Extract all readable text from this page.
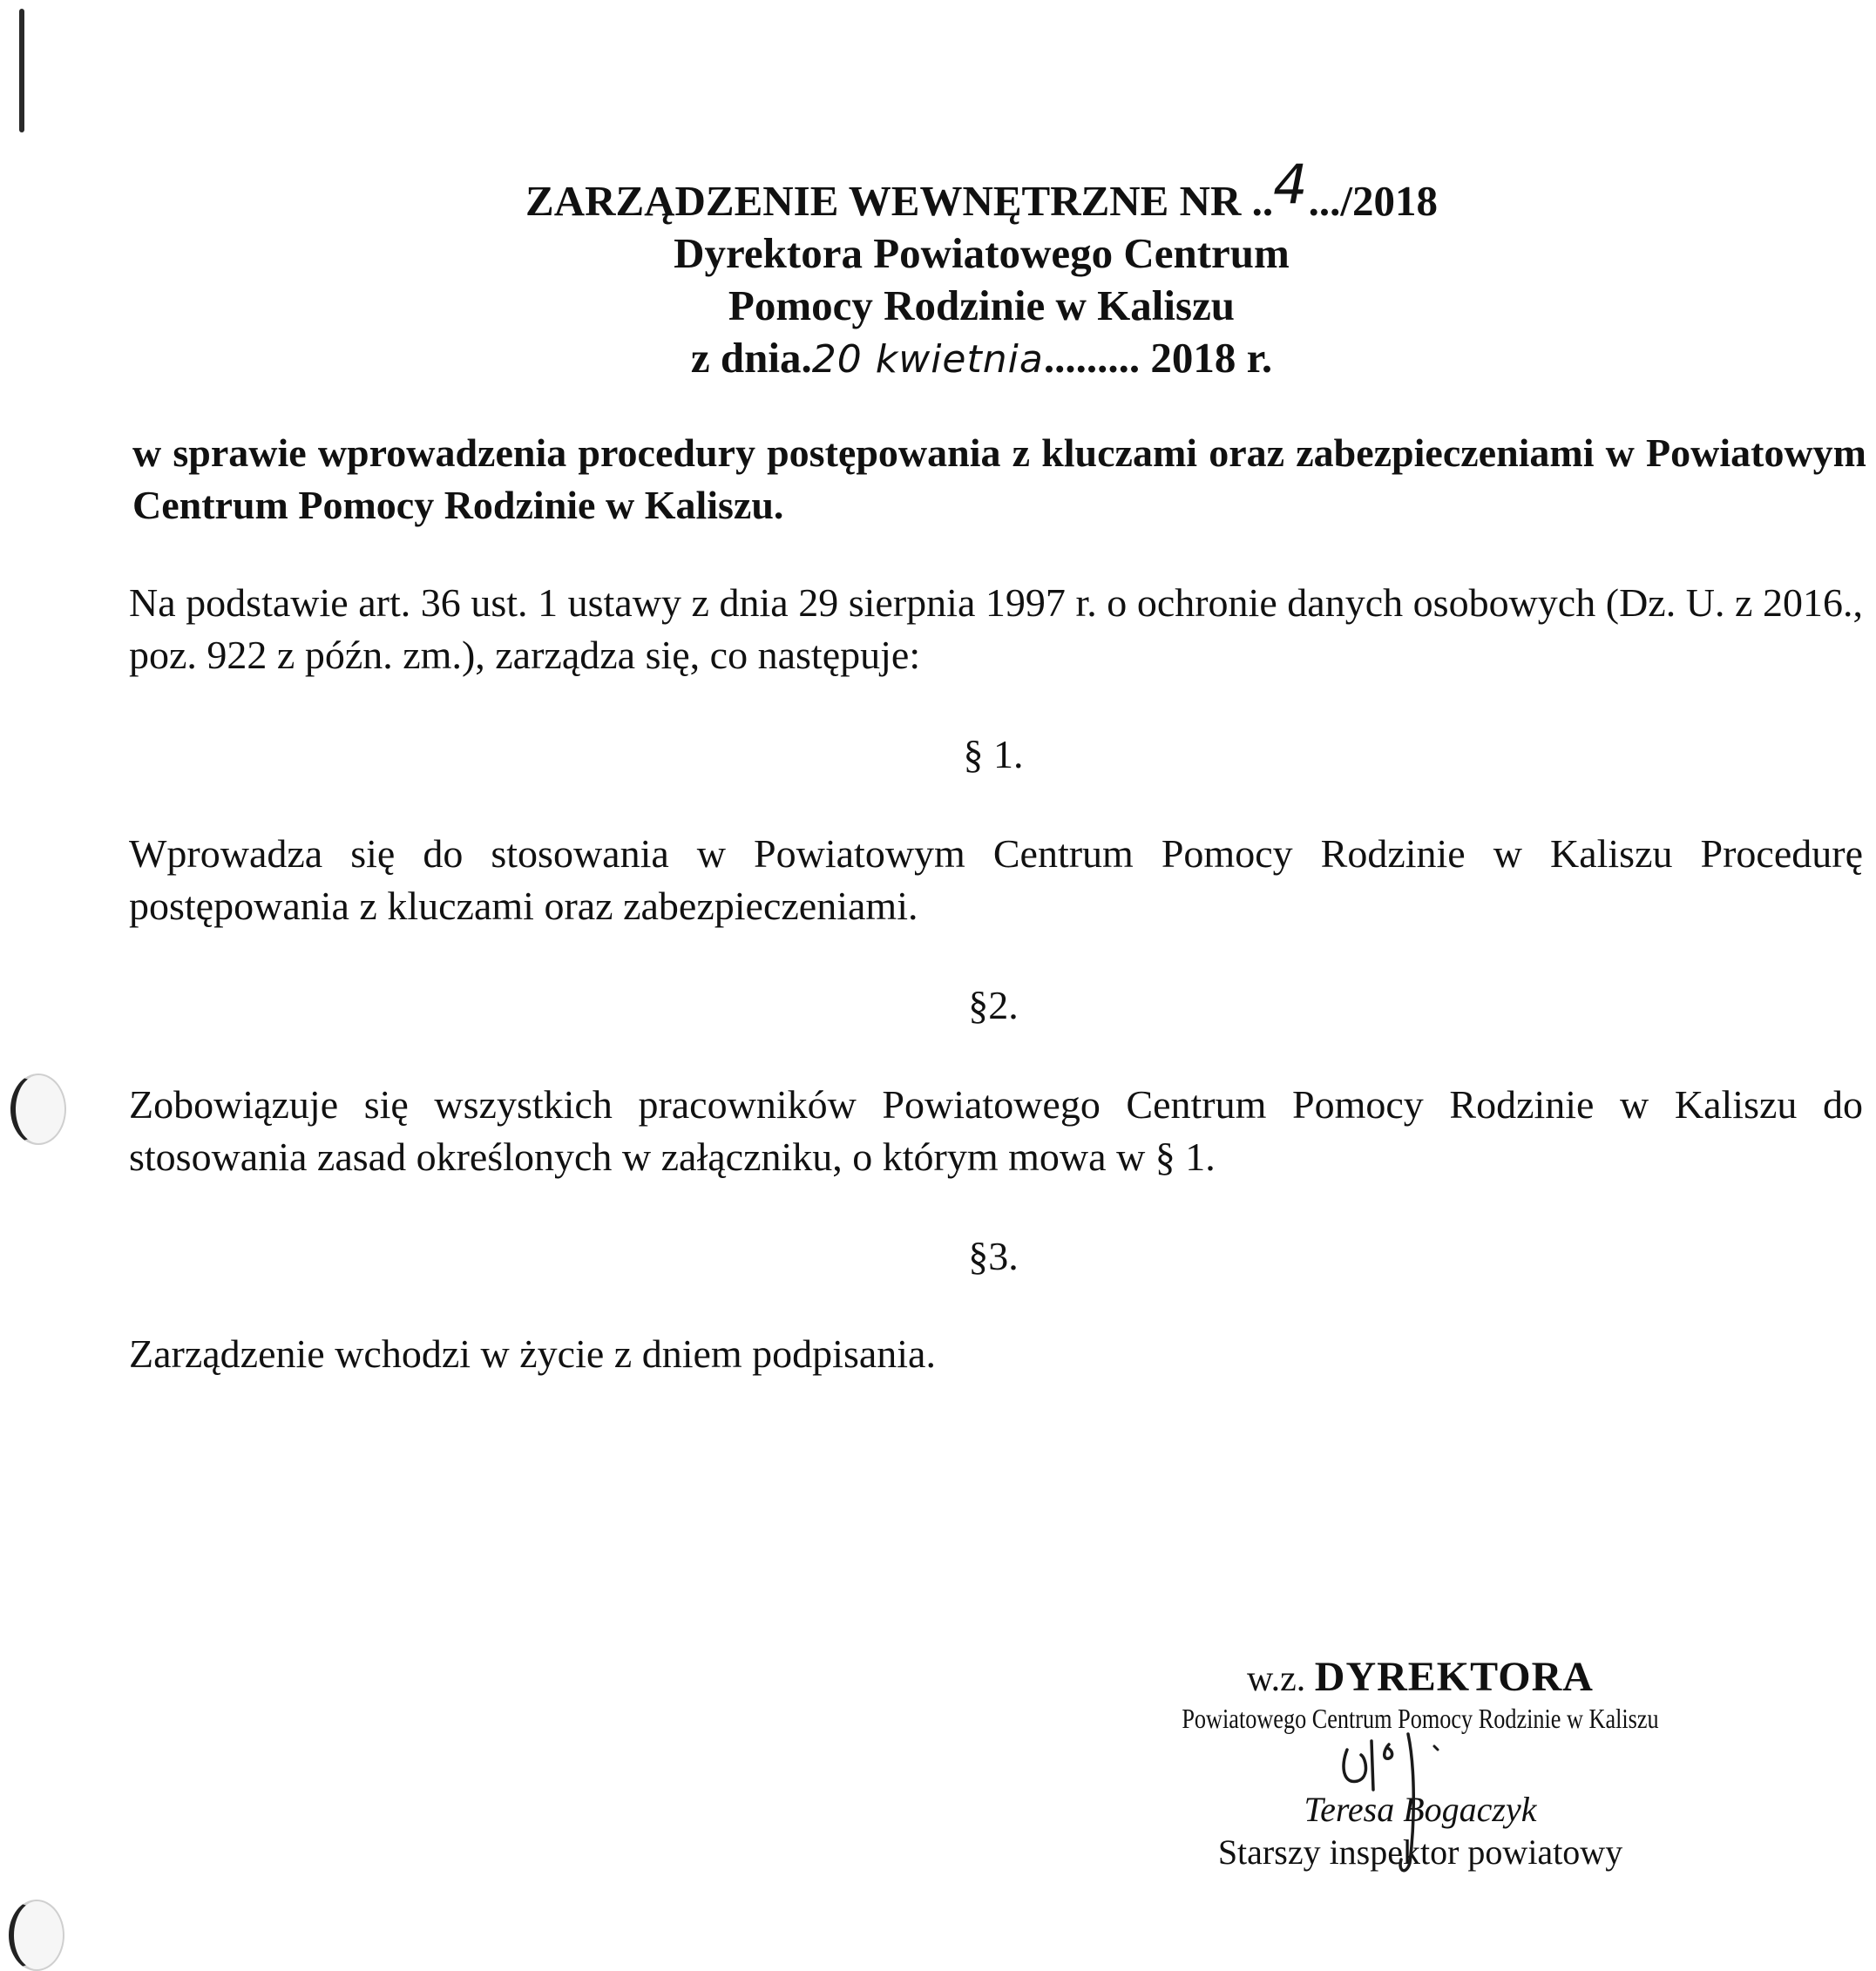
ZARZĄDZENIE WEWNĘTRZNE NR ..4.../2018
Dyrektora Powiatowego Centrum
Pomocy Rodzinie w Kaliszu
z dnia.20 kwietnia......... 2018 r.
w sprawie wprowadzenia procedury postępowania z kluczami oraz zabezpieczeniami w Powiatowym Centrum Pomocy Rodzinie w Kaliszu.
Na podstawie art. 36 ust. 1 ustawy z dnia 29 sierpnia 1997 r. o ochronie danych osobowych (Dz. U. z 2016., poz. 922 z późn. zm.), zarządza się, co następuje:
§ 1.
Wprowadza się do stosowania w Powiatowym Centrum Pomocy Rodzinie w Kaliszu Procedurę postępowania z kluczami oraz zabezpieczeniami.
§2.
Zobowiązuje się wszystkich pracowników Powiatowego Centrum Pomocy Rodzinie w Kaliszu do stosowania zasad określonych w załączniku, o którym mowa w § 1.
§3.
Zarządzenie wchodzi w życie z dniem podpisania.
w.z. DYREKTORA
Powiatowego Centrum Pomocy Rodzinie w Kaliszu
Teresa Bogaczyk
Starszy inspektor powiatowy
